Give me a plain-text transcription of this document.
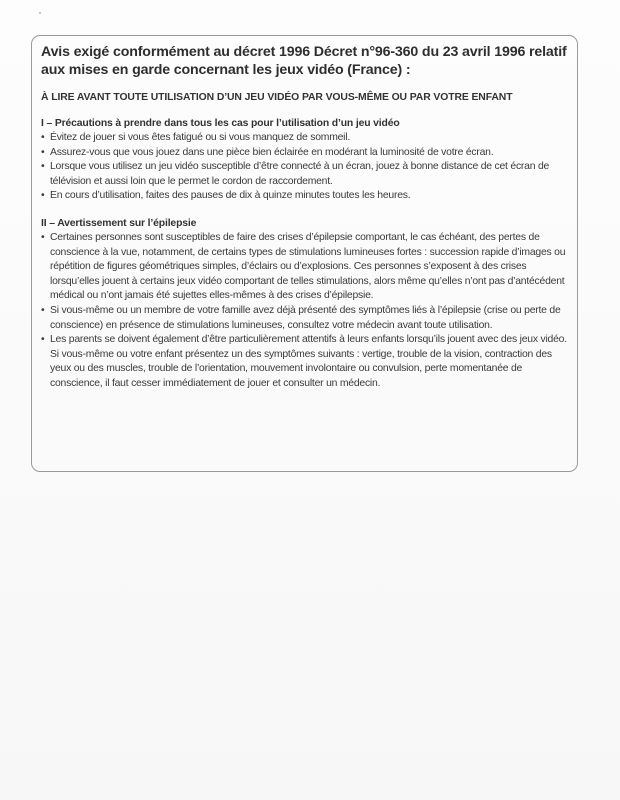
Avis exigé conformément au décret 1996 Décret n°96-360 du 23 avril 1996 relatif aux mises en garde concernant les jeux vidéo (France) :
À LIRE AVANT TOUTE UTILISATION D’UN JEU VIDÉO PAR VOUS-MÊME OU PAR VOTRE ENFANT
I – Précautions à prendre dans tous les cas pour l’utilisation d’un jeu vidéo
• Évitez de jouer si vous êtes fatigué ou si vous manquez de sommeil.
• Assurez-vous que vous jouez dans une pièce bien éclairée en modérant la luminosité de votre écran.
• Lorsque vous utilisez un jeu vidéo susceptible d’être connecté à un écran, jouez à bonne distance de cet écran de télévision et aussi loin que le permet le cordon de raccordement.
• En cours d’utilisation, faites des pauses de dix à quinze minutes toutes les heures.
II – Avertissement sur l’épilepsie
• Certaines personnes sont susceptibles de faire des crises d’épilepsie comportant, le cas échéant, des pertes de conscience à la vue, notamment, de certains types de stimulations lumineuses fortes : succession rapide d’images ou répétition de figures géométriques simples, d’éclairs ou d’explosions. Ces personnes s’exposent à des crises lorsqu’elles jouent à certains jeux vidéo comportant de telles stimulations, alors même qu’elles n’ont pas d’antécédent médical ou n’ont jamais été sujettes elles-mêmes à des crises d’épilepsie.
• Si vous-même ou un membre de votre famille avez déjà présenté des symptômes liés à l’épilepsie (crise ou perte de conscience) en présence de stimulations lumineuses, consultez votre médecin avant toute utilisation.
• Les parents se doivent également d’être particulièrement attentifs à leurs enfants lorsqu’ils jouent avec des jeux vidéo. Si vous-même ou votre enfant présentez un des symptômes suivants : vertige, trouble de la vision, contraction des yeux ou des muscles, trouble de l’orientation, mouvement involontaire ou convulsion, perte momentanée de conscience, il faut cesser immédiatement de jouer et consulter un médecin.
